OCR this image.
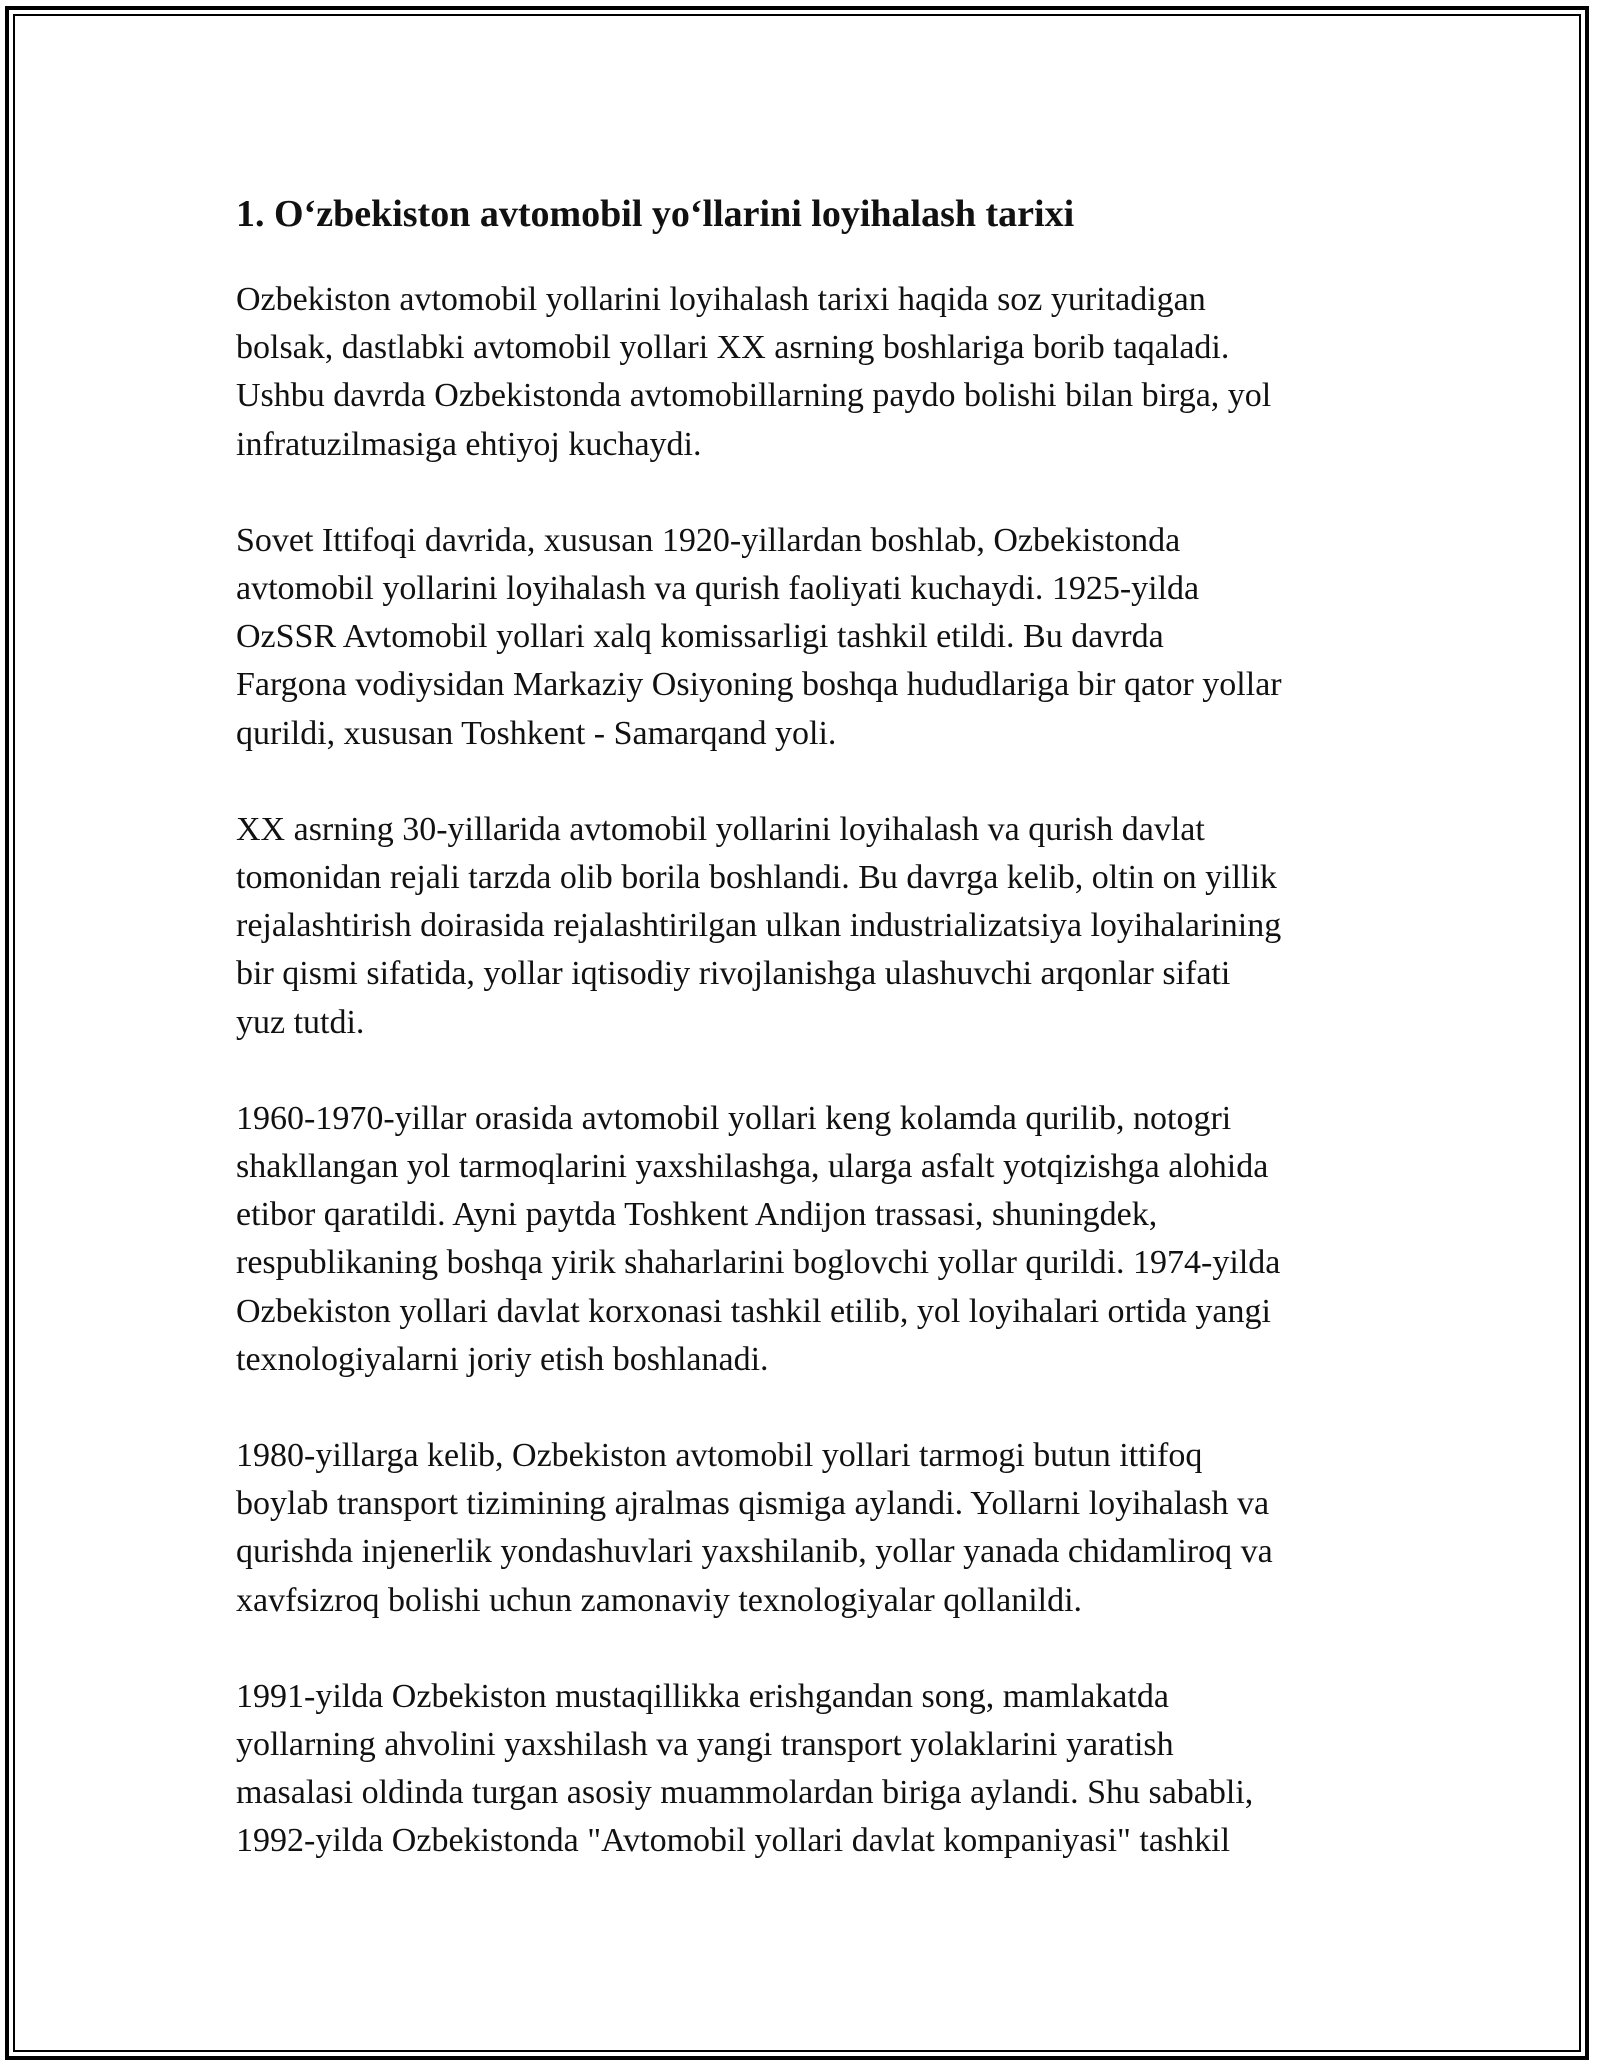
1. O‘zbekiston avtomobil yo‘llarini loyihalash tarixi

Ozbekiston avtomobil yollarini loyihalash tarixi haqida soz yuritadigan
bolsak, dastlabki avtomobil yollari XX asrning boshlariga borib taqaladi.
Ushbu davrda Ozbekistonda avtomobillarning paydo bolishi bilan birga, yol
infratuzilmasiga ehtiyoj kuchaydi.

Sovet Ittifoqi davrida, xususan 1920-yillardan boshlab, Ozbekistonda
avtomobil yollarini loyihalash va qurish faoliyati kuchaydi. 1925-yilda
OzSSR Avtomobil yollari xalq komissarligi tashkil etildi. Bu davrda
Fargona vodiysidan Markaziy Osiyoning boshqa hududlariga bir qator yollar
qurildi, xususan Toshkent - Samarqand yoli.

XX asrning 30-yillarida avtomobil yollarini loyihalash va qurish davlat
tomonidan rejali tarzda olib borila boshlandi. Bu davrga kelib, oltin on yillik
rejalashtirish doirasida rejalashtirilgan ulkan industrializatsiya loyihalarining
bir qismi sifatida, yollar iqtisodiy rivojlanishga ulashuvchi arqonlar sifati
yuz tutdi.

1960-1970-yillar orasida avtomobil yollari keng kolamda qurilib, notogri
shakllangan yol tarmoqlarini yaxshilashga, ularga asfalt yotqizishga alohida
etibor qaratildi. Ayni paytda Toshkent Andijon trassasi, shuningdek,
respublikaning boshqa yirik shaharlarini boglovchi yollar qurildi. 1974-yilda
Ozbekiston yollari davlat korxonasi tashkil etilib, yol loyihalari ortida yangi
texnologiyalarni joriy etish boshlanadi.

1980-yillarga kelib, Ozbekiston avtomobil yollari tarmogi butun ittifoq
boylab transport tizimining ajralmas qismiga aylandi. Yollarni loyihalash va
qurishda injenerlik yondashuvlari yaxshilanib, yollar yanada chidamliroq va
xavfsizroq bolishi uchun zamonaviy texnologiyalar qollanildi.

1991-yilda Ozbekiston mustaqillikka erishgandan song, mamlakatda
yollarning ahvolini yaxshilash va yangi transport yolaklarini yaratish
masalasi oldinda turgan asosiy muammolardan biriga aylandi. Shu sababli,
1992-yilda Ozbekistonda "Avtomobil yollari davlat kompaniyasi" tashkil
